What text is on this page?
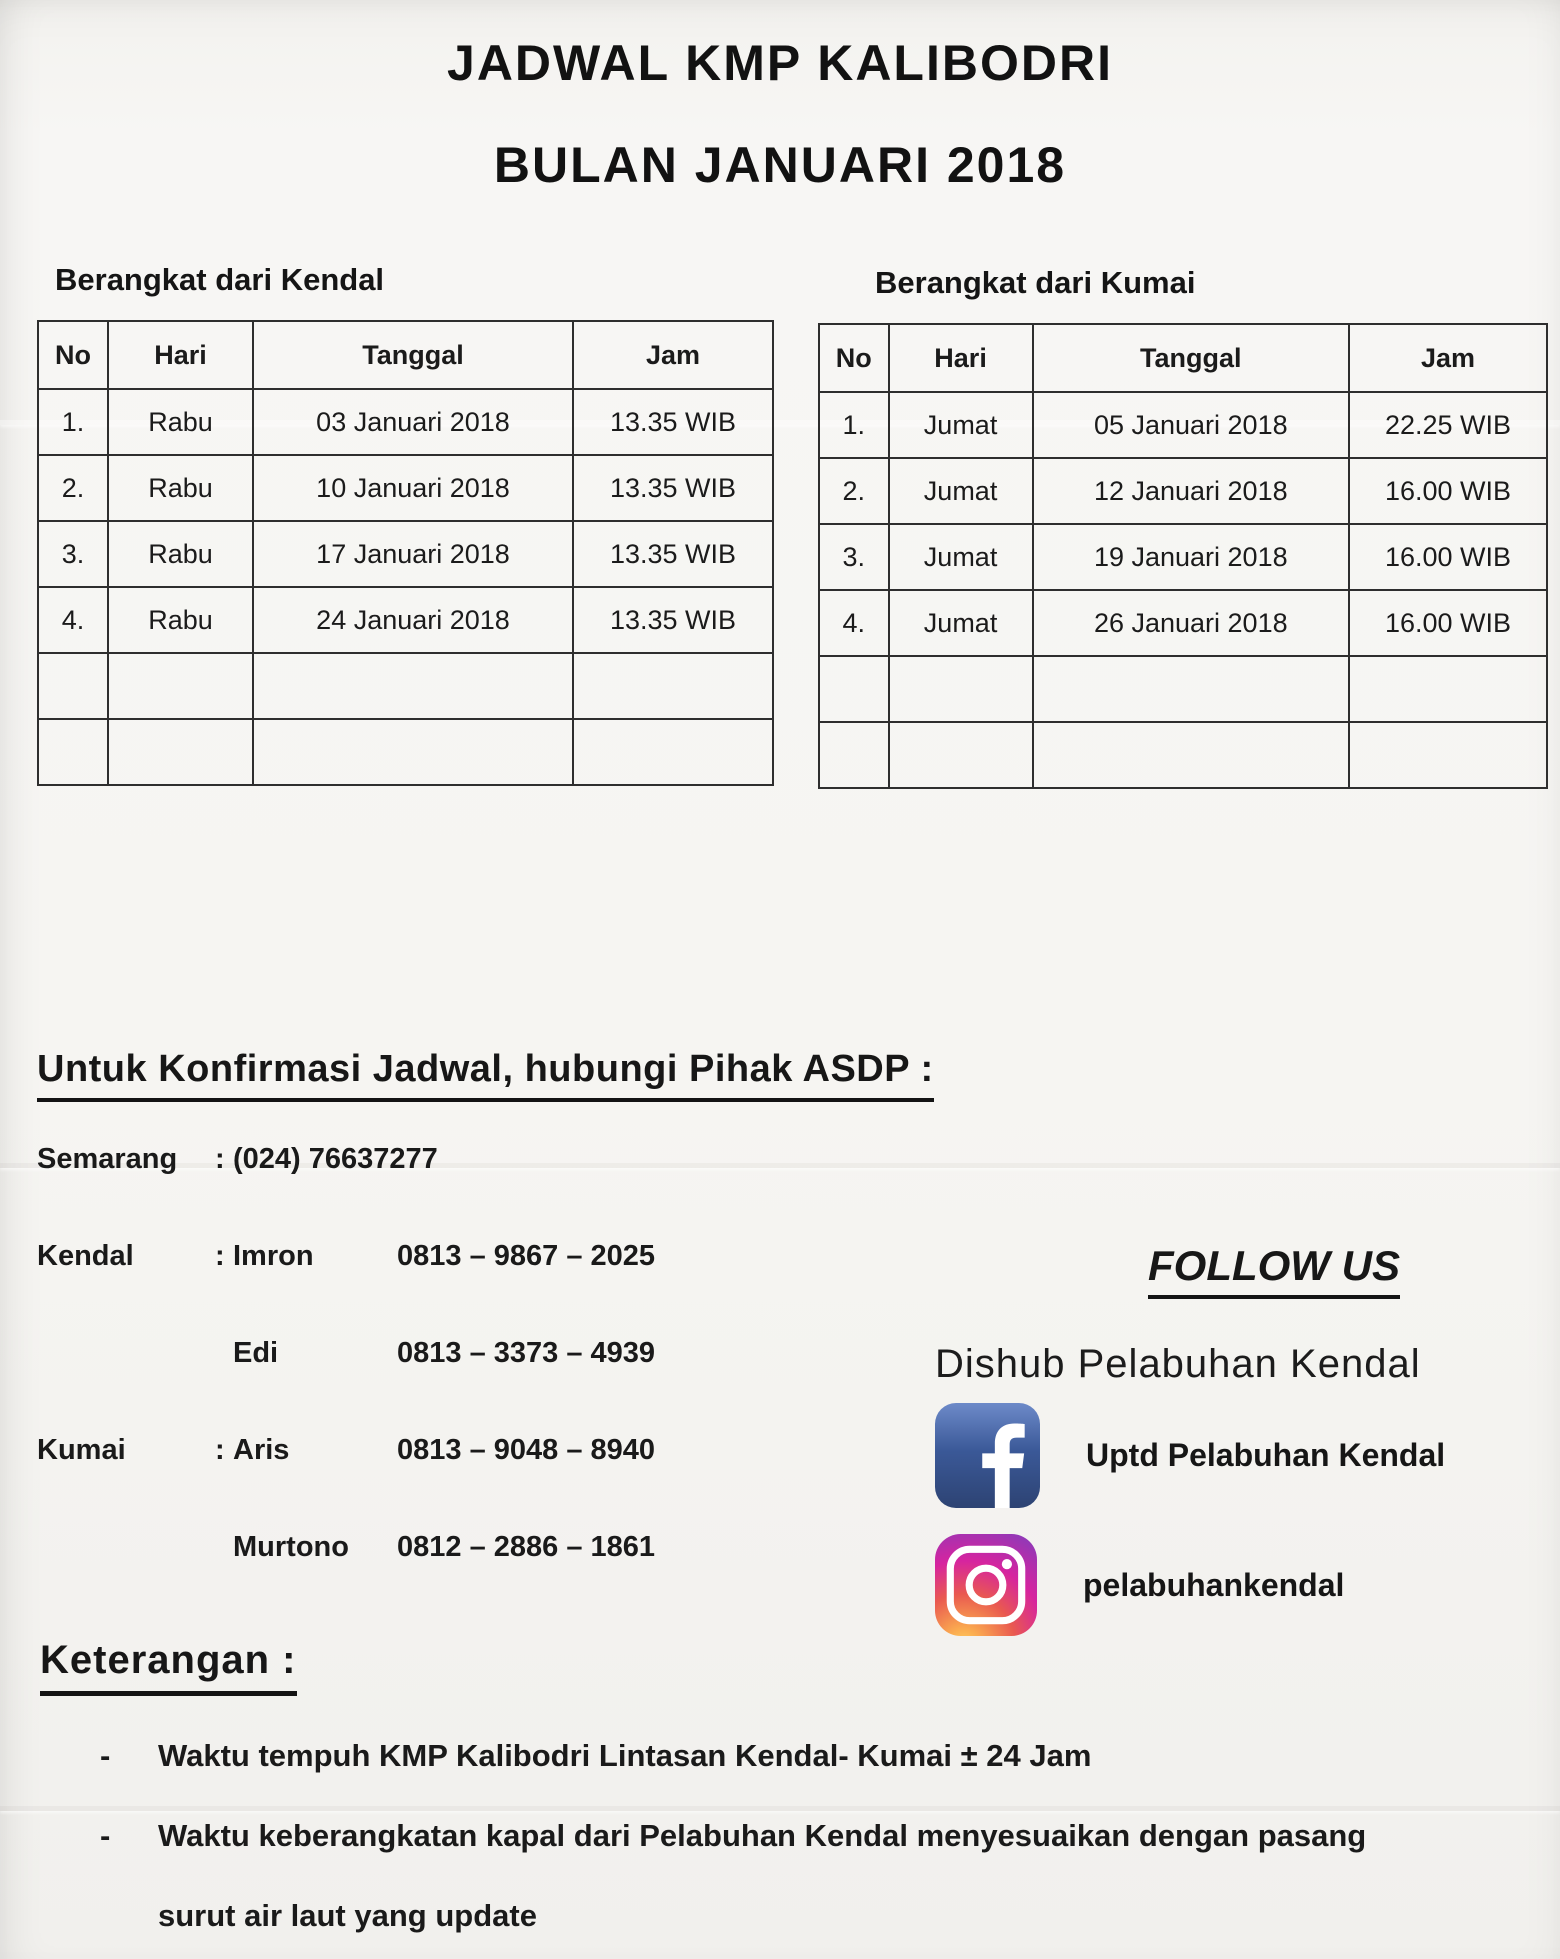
JADWAL KMP KALIBODRI
BULAN JANUARI 2018
Berangkat dari Kendal
No	Hari	Tanggal	Jam
1.	Rabu	03 Januari 2018	13.35 WIB
2.	Rabu	10 Januari 2018	13.35 WIB
3.	Rabu	17 Januari 2018	13.35 WIB
4.	Rabu	24 Januari 2018	13.35 WIB

Berangkat dari Kumai
No	Hari	Tanggal	Jam
1.	Jumat	05 Januari 2018	22.25 WIB
2.	Jumat	12 Januari 2018	16.00 WIB
3.	Jumat	19 Januari 2018	16.00 WIB
4.	Jumat	26 Januari 2018	16.00 WIB

Untuk Konfirmasi Jadwal, hubungi Pihak ASDP :
Semarang	: (024) 76637277
Kendal	: Imron	0813 – 9867 – 2025
Edi	0813 – 3373 – 4939
Kumai	: Aris	0813 – 9048 – 8940
Murtono	0812 – 2886 – 1861
FOLLOW US
Dishub Pelabuhan Kendal
Uptd Pelabuhan Kendal
pelabuhankendal
Keterangan :
-	Waktu tempuh KMP Kalibodri Lintasan Kendal- Kumai ± 24 Jam
-	Waktu keberangkatan kapal dari Pelabuhan Kendal menyesuaikan dengan pasang surut air laut yang update
